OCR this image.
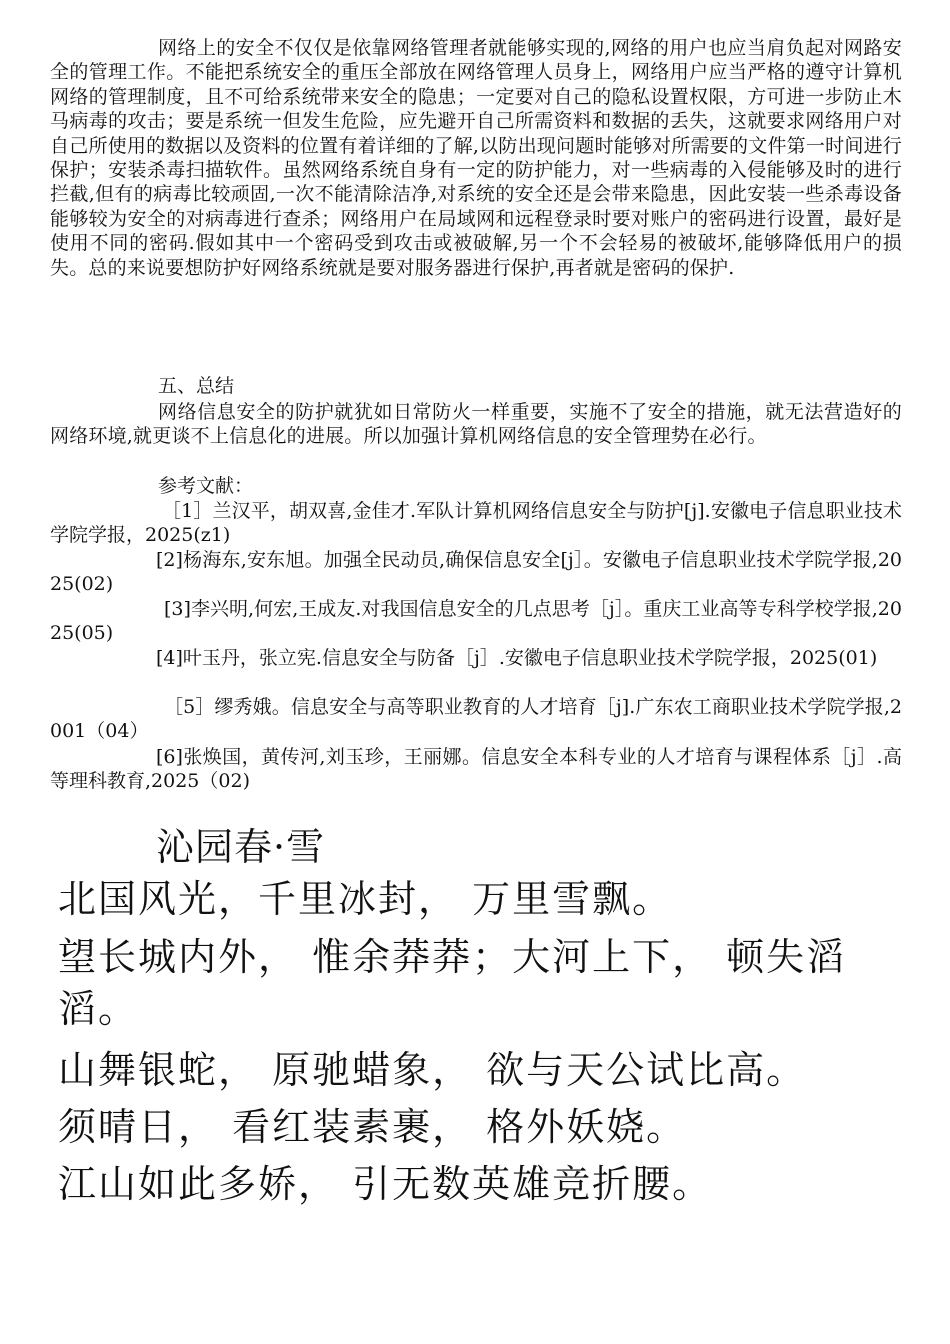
网络上的安全不仅仅是依靠网络管理者就能够实现的,网络的用户也应当肩负起对网路安全的管理工作。不能把系统安全的重压全部放在网络管理人员身上，网络用户应当严格的遵守计算机网络的管理制度，且不可给系统带来安全的隐患；一定要对自己的隐私设置权限，方可进一步防止木马病毒的攻击；要是系统一但发生危险，应先避开自己所需资料和数据的丢失，这就要求网络用户对自己所使用的数据以及资料的位置有着详细的了解,以防出现问题时能够对所需要的文件第一时间进行保护；安装杀毒扫描软件。虽然网络系统自身有一定的防护能力，对一些病毒的入侵能够及时的进行拦截,但有的病毒比较顽固,一次不能清除洁净,对系统的安全还是会带来隐患，因此安装一些杀毒设备能够较为安全的对病毒进行查杀；网络用户在局域网和远程登录时要对账户的密码进行设置，最好是使用不同的密码.假如其中一个密码受到攻击或被破解,另一个不会轻易的被破坏,能够降低用户的损失。总的来说要想防护好网络系统就是要对服务器进行保护,再者就是密码的保护.
五、总结
网络信息安全的防护就犹如日常防火一样重要，实施不了安全的措施，就无法营造好的网络环境,就更谈不上信息化的进展。所以加强计算机网络信息的安全管理势在必行。
参考文献：
［1］兰汉平，胡双喜,金佳才.军队计算机网络信息安全与防护[j].安徽电子信息职业技术学院学报，2025(z1)
[2]杨海东,安东旭。加强全民动员,确保信息安全[j］。安徽电子信息职业技术学院学报,2025(02)
[3]李兴明,何宏,王成友.对我国信息安全的几点思考［j］。重庆工业高等专科学校学报,2025(05)
[4]叶玉丹，张立宪.信息安全与防备［j］.安徽电子信息职业技术学院学报，2025(01)
［5］缪秀娥。信息安全与高等职业教育的人才培育［j].广东农工商职业技术学院学报,2001（04）
[6]张焕国，黄传河,刘玉珍，王丽娜。信息安全本科专业的人才培育与课程体系［j］.高等理科教育,2025（02)
沁园春·雪
北国风光，千里冰封， 万里雪飘。
望长城内外， 惟余莽莽；大河上下， 顿失滔滔。
山舞银蛇， 原驰蜡象， 欲与天公试比高。
须晴日， 看红装素裹， 格外妖娆。
江山如此多娇， 引无数英雄竞折腰。
